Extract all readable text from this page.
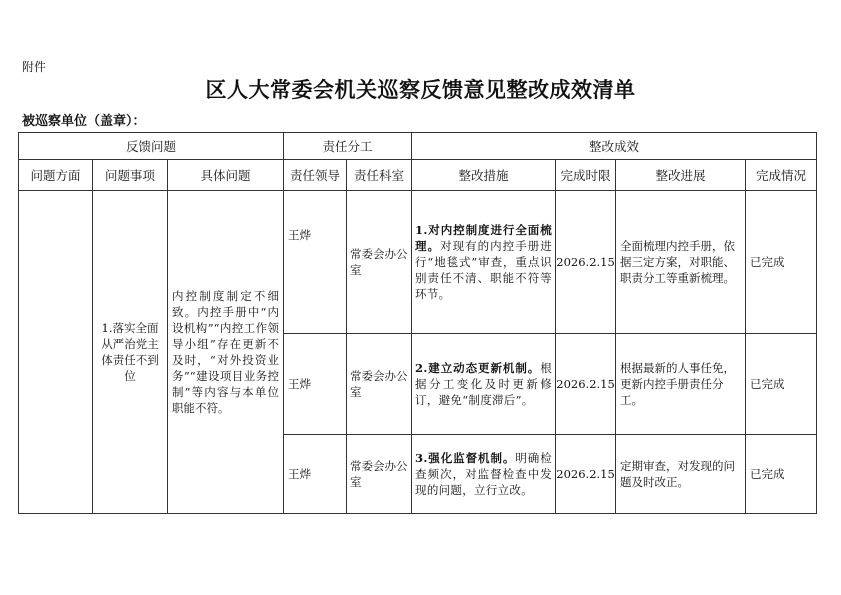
附件
区人大常委会机关巡察反馈意见整改成效清单
被巡察单位（盖章）：
反馈问题			责任分工		整改成效			
问题方面	问题事项	具体问题	责任领导	责任科室	整改措施	完成时限	整改进展	完成情况
	1.落实全面从严治党主体责任不到位	内控制度制定不细致。内控手册中“内设机构”“内控工作领导小组”存在更新不及时，“对外投资业务”“建设项目业务控制”等内容与本单位职能不符。	王烨	常委会办公室	1.对内控制度进行全面梳理。对现有的内控手册进行“地毯式”审查，重点识别责任不清、职能不符等环节。	2026.2.15	全面梳理内控手册，依据三定方案，对职能、职责分工等重新梳理。	已完成
			王烨	常委会办公室	2.建立动态更新机制。根据分工变化及时更新修订，避免“制度滞后”。	2026.2.15	根据最新的人事任免，更新内控手册责任分工。	已完成
			王烨	常委会办公室	3.强化监督机制。明确检查频次，对监督检查中发现的问题，立行立改。	2026.2.15	定期审查，对发现的问题及时改正。	已完成
